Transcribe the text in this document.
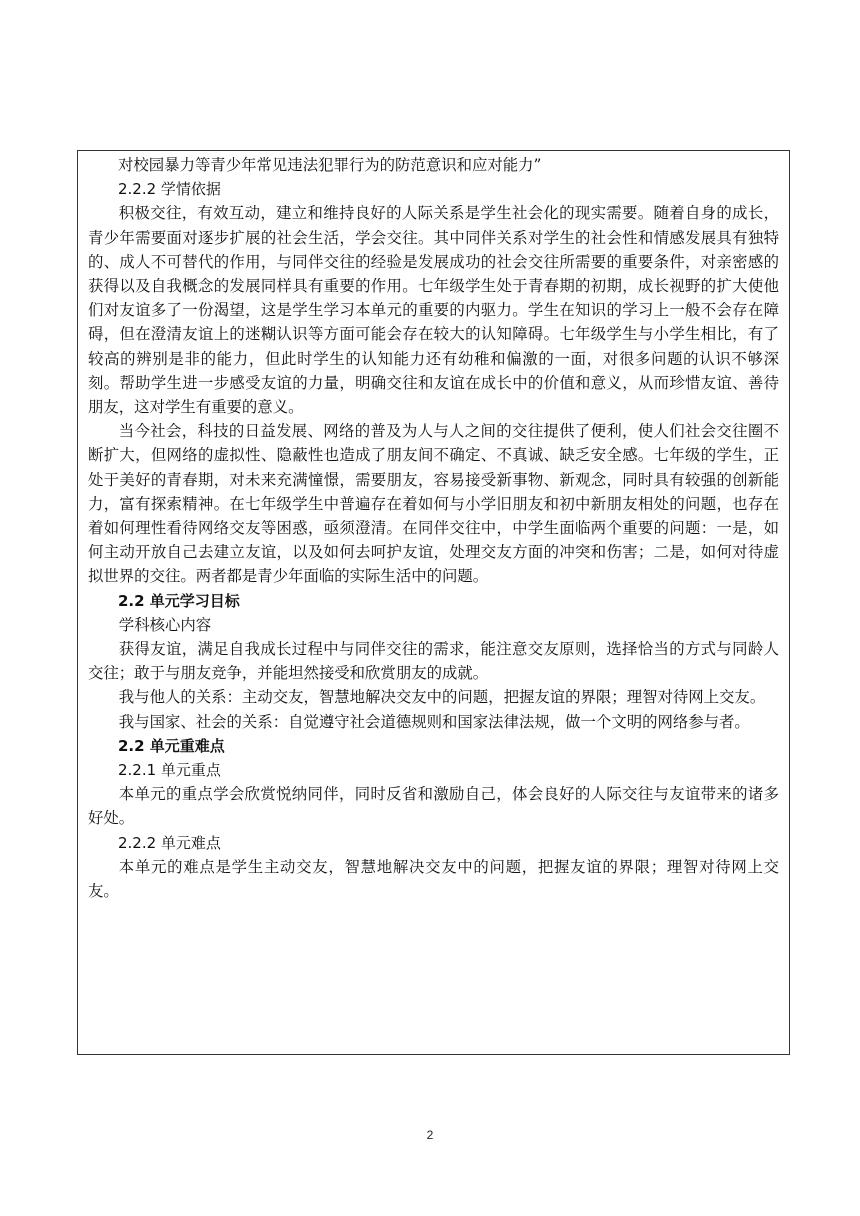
对校园暴力等青少年常见违法犯罪行为的防范意识和应对能力”

2.2.2 学情依据

积极交往，有效互动，建立和维持良好的人际关系是学生社会化的现实需要。随着自身的成长，青少年需要面对逐步扩展的社会生活，学会交往。其中同伴关系对学生的社会性和情感发展具有独特的、成人不可替代的作用，与同伴交往的经验是发展成功的社会交往所需要的重要条件，对亲密感的获得以及自我概念的发展同样具有重要的作用。七年级学生处于青春期的初期，成长视野的扩大使他们对友谊多了一份渴望，这是学生学习本单元的重要的内驱力。学生在知识的学习上一般不会存在障碍，但在澄清友谊上的迷糊认识等方面可能会存在较大的认知障碍。七年级学生与小学生相比，有了较高的辨别是非的能力，但此时学生的认知能力还有幼稚和偏激的一面，对很多问题的认识不够深刻。帮助学生进一步感受友谊的力量，明确交往和友谊在成长中的价值和意义，从而珍惜友谊、善待朋友，这对学生有重要的意义。

当今社会，科技的日益发展、网络的普及为人与人之间的交往提供了便利，使人们社会交往圈不断扩大，但网络的虚拟性、隐蔽性也造成了朋友间不确定、不真诚、缺乏安全感。七年级的学生，正处于美好的青春期，对未来充满憧憬，需要朋友，容易接受新事物、新观念，同时具有较强的创新能力，富有探索精神。在七年级学生中普遍存在着如何与小学旧朋友和初中新朋友相处的问题，也存在着如何理性看待网络交友等困惑，亟须澄清。在同伴交往中，中学生面临两个重要的问题：一是，如何主动开放自己去建立友谊，以及如何去呵护友谊，处理交友方面的冲突和伤害；二是，如何对待虚拟世界的交往。两者都是青少年面临的实际生活中的问题。

2.2 单元学习目标

学科核心内容

获得友谊，满足自我成长过程中与同伴交往的需求，能注意交友原则，选择恰当的方式与同龄人交往；敢于与朋友竞争，并能坦然接受和欣赏朋友的成就。

我与他人的关系：主动交友，智慧地解决交友中的问题，把握友谊的界限；理智对待网上交友。

我与国家、社会的关系：自觉遵守社会道德规则和国家法律法规，做一个文明的网络参与者。

2.2 单元重难点

2.2.1 单元重点

本单元的重点学会欣赏悦纳同伴，同时反省和激励自己，体会良好的人际交往与友谊带来的诸多好处。

2.2.2 单元难点

本单元的难点是学生主动交友，智慧地解决交友中的问题，把握友谊的界限；理智对待网上交友。

2
